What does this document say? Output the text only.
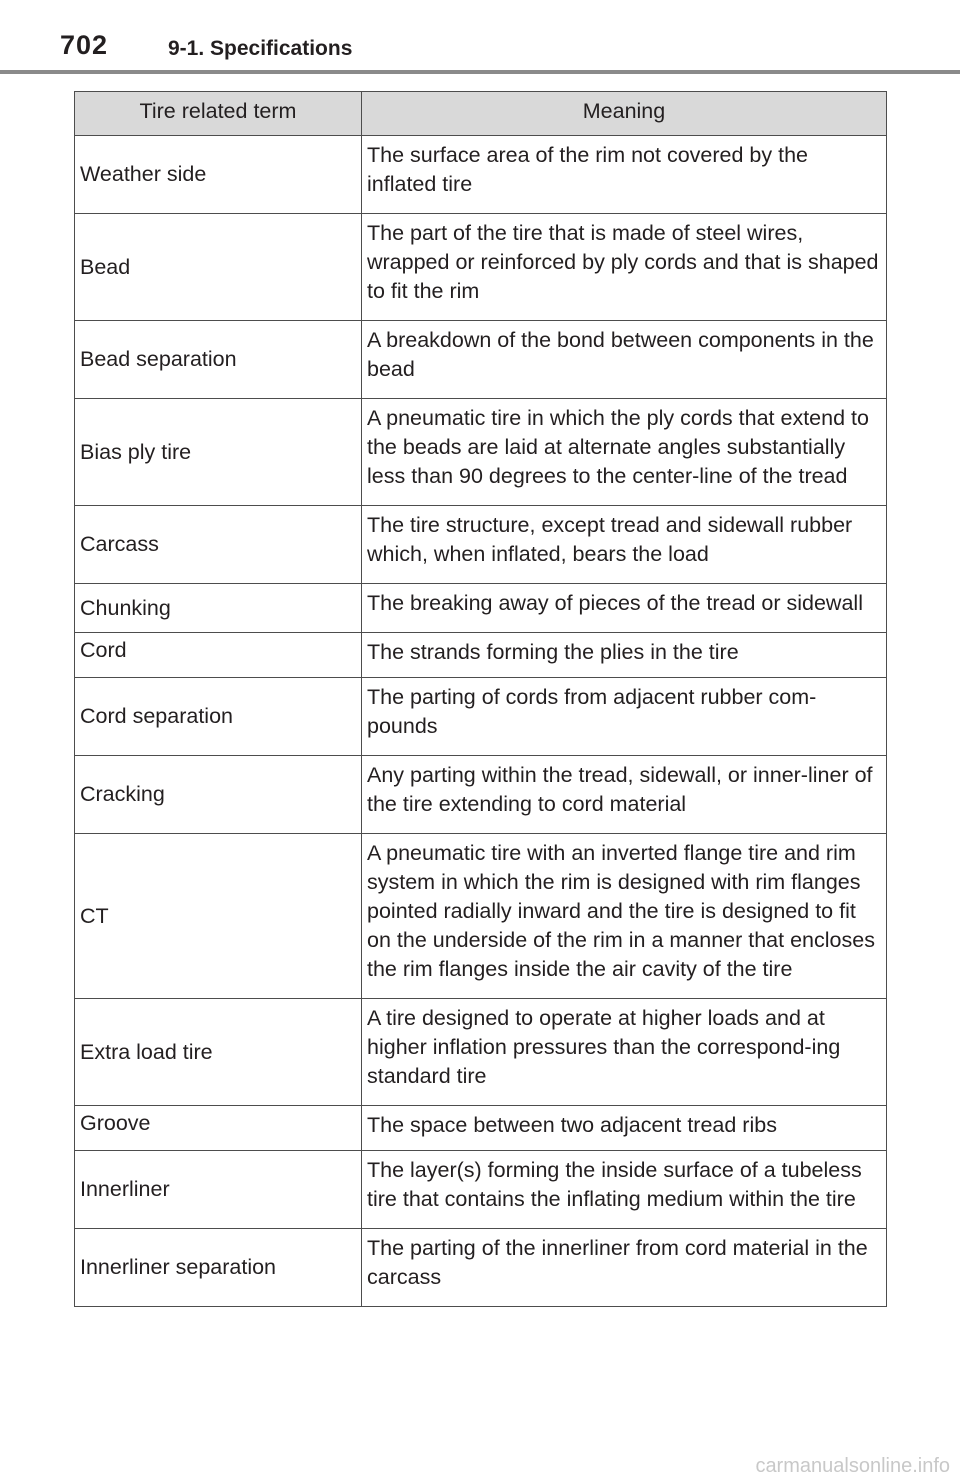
702	9-1. Specifications
Tire related term	Meaning

Weather side	The surface area of the rim not covered by the inflated tire
Bead	The part of the tire that is made of steel wires, wrapped or reinforced by ply cords and that is shaped to fit the rim
Bead separation	A breakdown of the bond between components in the bead
Bias ply tire	A pneumatic tire in which the ply cords that extend to the beads are laid at alternate angles substantially less than 90 degrees to the center-line of the tread
Carcass	The tire structure, except tread and sidewall rubber which, when inflated, bears the load
Chunking	The breaking away of pieces of the tread or sidewall
Cord	The strands forming the plies in the tire
Cord separation	The parting of cords from adjacent rubber com-pounds
Cracking	Any parting within the tread, sidewall, or inner-liner of the tire extending to cord material
CT	A pneumatic tire with an inverted flange tire and rim system in which the rim is designed with rim flanges pointed radially inward and the tire is designed to fit on the underside of the rim in a manner that encloses the rim flanges inside the air cavity of the tire
Extra load tire	A tire designed to operate at higher loads and at higher inflation pressures than the correspond-ing standard tire
Groove	The space between two adjacent tread ribs
Innerliner	The layer(s) forming the inside surface of a tubeless tire that contains the inflating medium within the tire
Innerliner separation	The parting of the innerliner from cord material in the carcass
carmanualsonline.info
